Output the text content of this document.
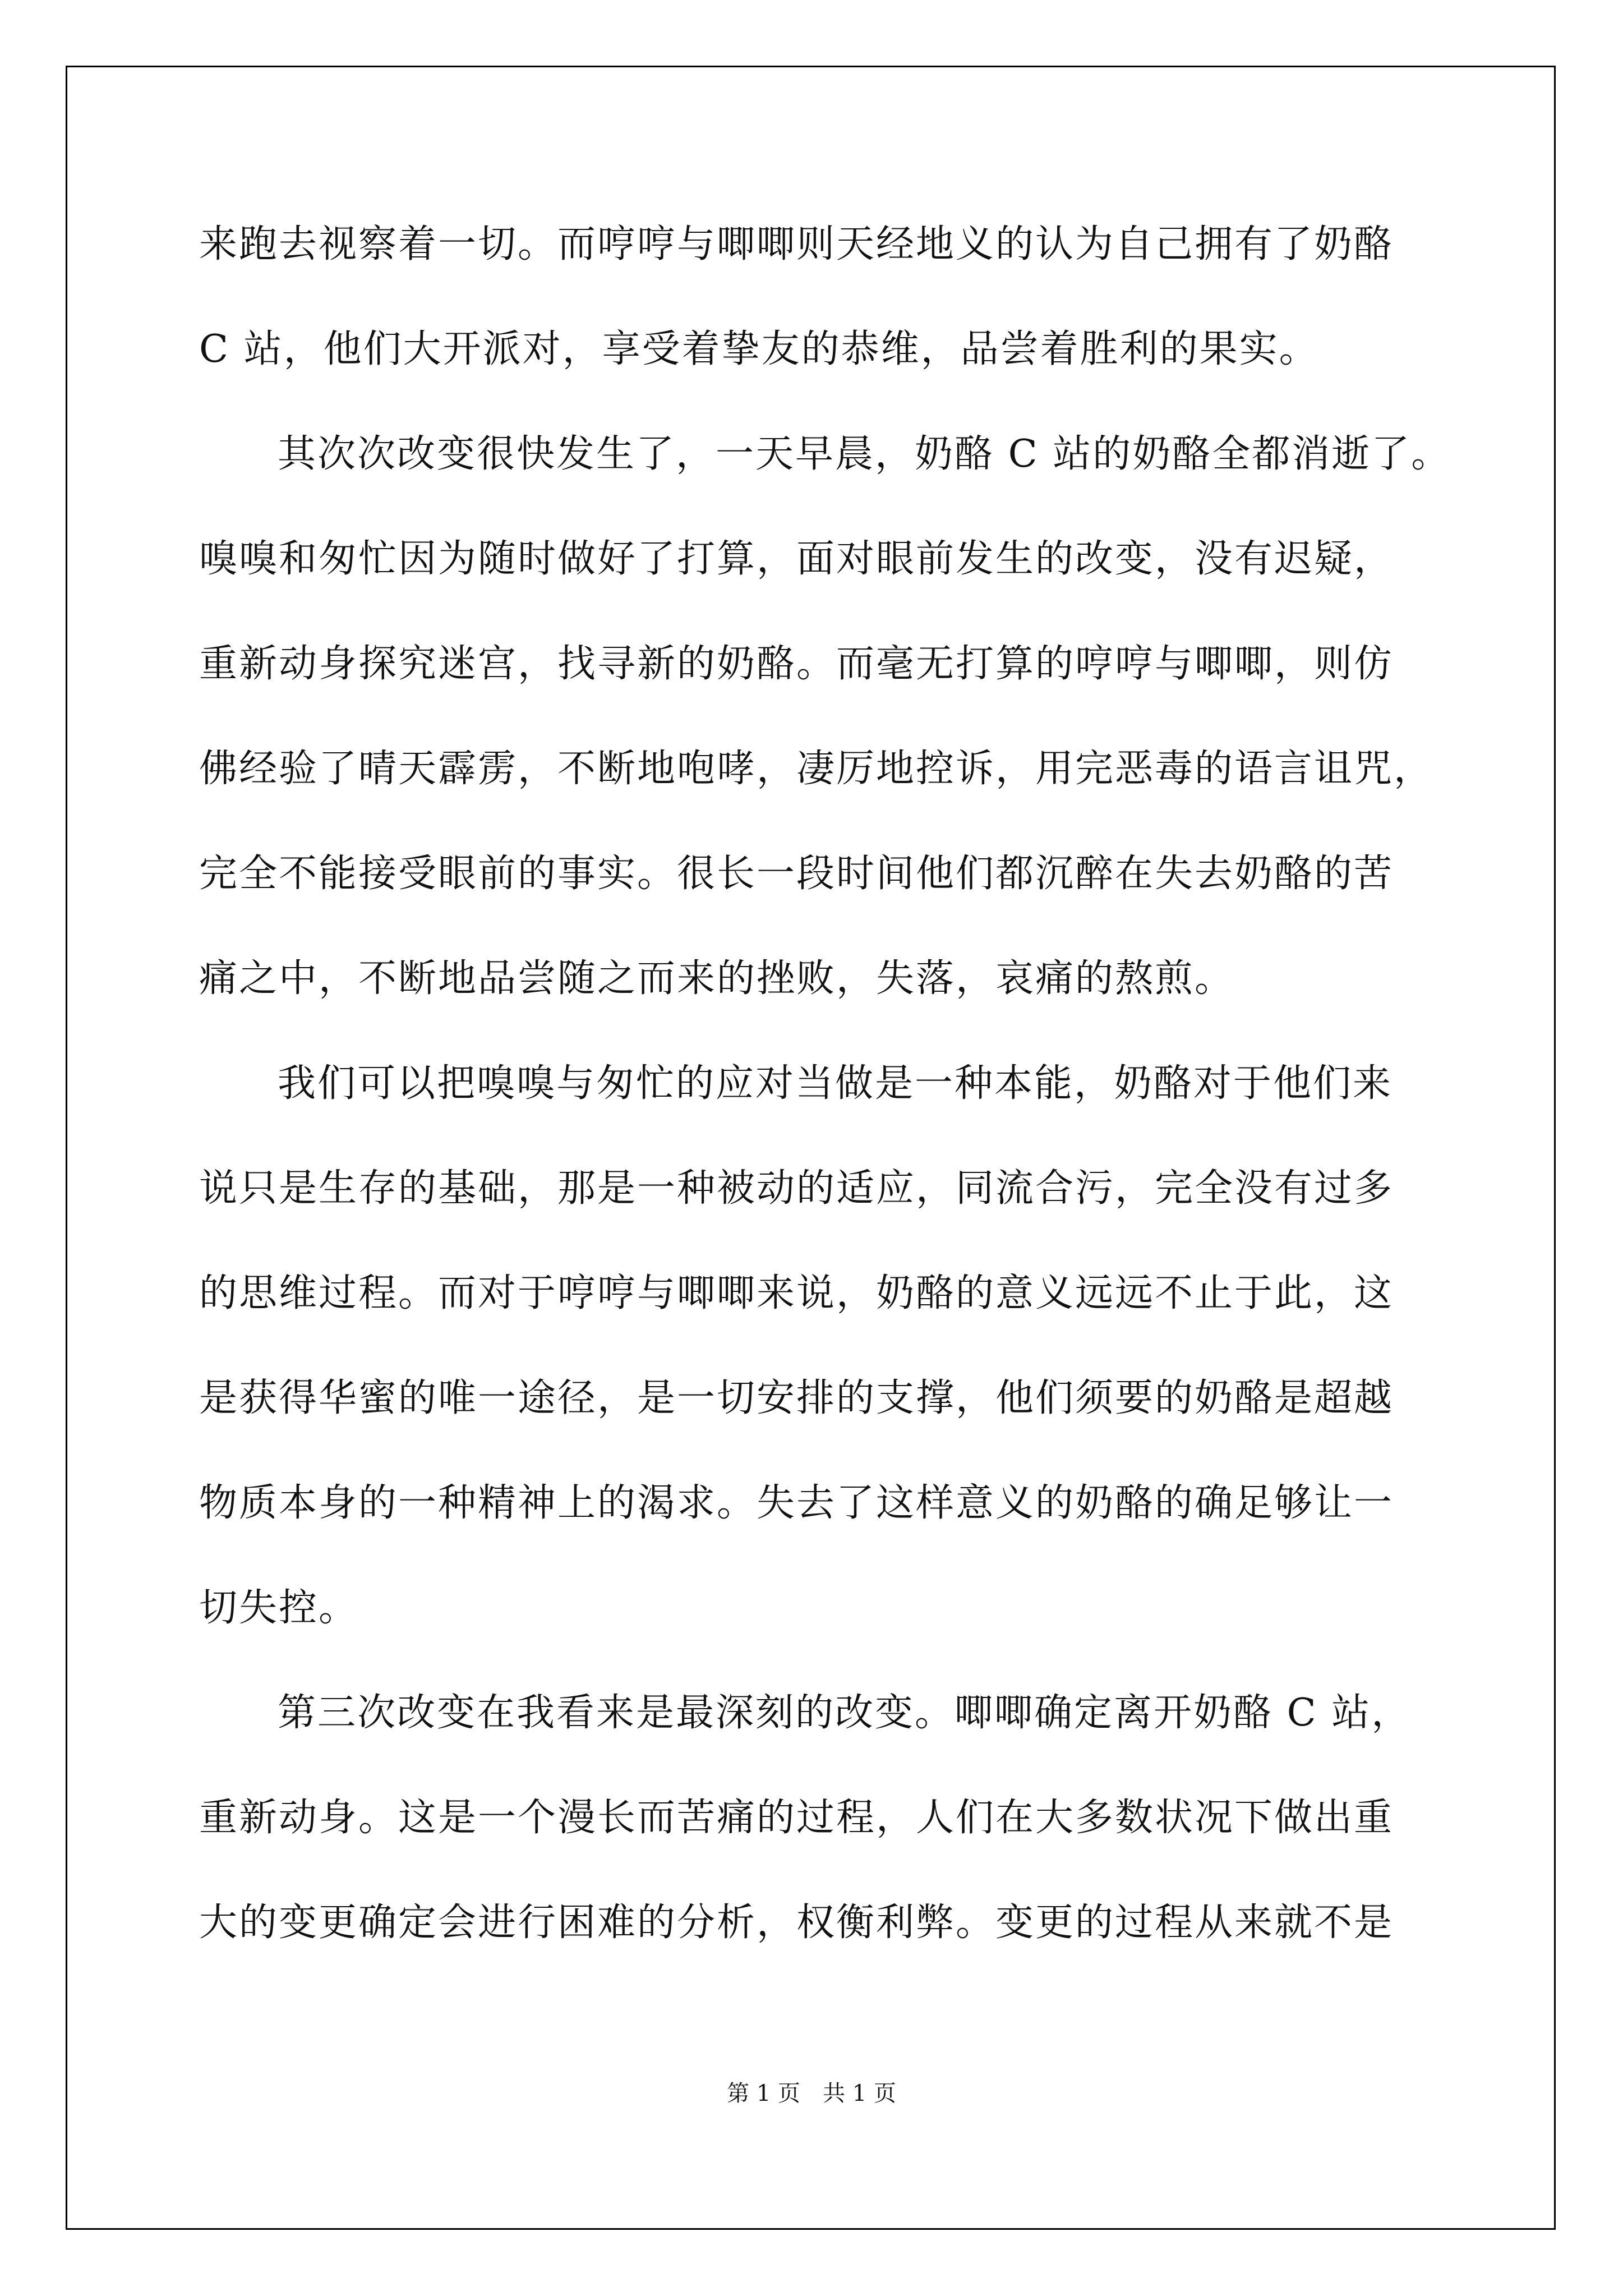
来跑去视察着一切。而哼哼与唧唧则天经地义的认为自己拥有了奶酪
C 站，他们大开派对，享受着挚友的恭维，品尝着胜利的果实。
其次次改变很快发生了，一天早晨，奶酪 C 站的奶酪全都消逝了。
嗅嗅和匆忙因为随时做好了打算，面对眼前发生的改变，没有迟疑，
重新动身探究迷宫，找寻新的奶酪。而毫无打算的哼哼与唧唧，则仿
佛经验了晴天霹雳，不断地咆哮，凄厉地控诉，用完恶毒的语言诅咒，
完全不能接受眼前的事实。很长一段时间他们都沉醉在失去奶酪的苦
痛之中，不断地品尝随之而来的挫败，失落，哀痛的熬煎。
我们可以把嗅嗅与匆忙的应对当做是一种本能，奶酪对于他们来
说只是生存的基础，那是一种被动的适应，同流合污，完全没有过多
的思维过程。而对于哼哼与唧唧来说，奶酪的意义远远不止于此，这
是获得华蜜的唯一途径，是一切安排的支撑，他们须要的奶酪是超越
物质本身的一种精神上的渴求。失去了这样意义的奶酪的确足够让一
切失控。
第三次改变在我看来是最深刻的改变。唧唧确定离开奶酪 C 站，
重新动身。这是一个漫长而苦痛的过程，人们在大多数状况下做出重
大的变更确定会进行困难的分析，权衡利弊。变更的过程从来就不是
第 1 页 共 1 页
